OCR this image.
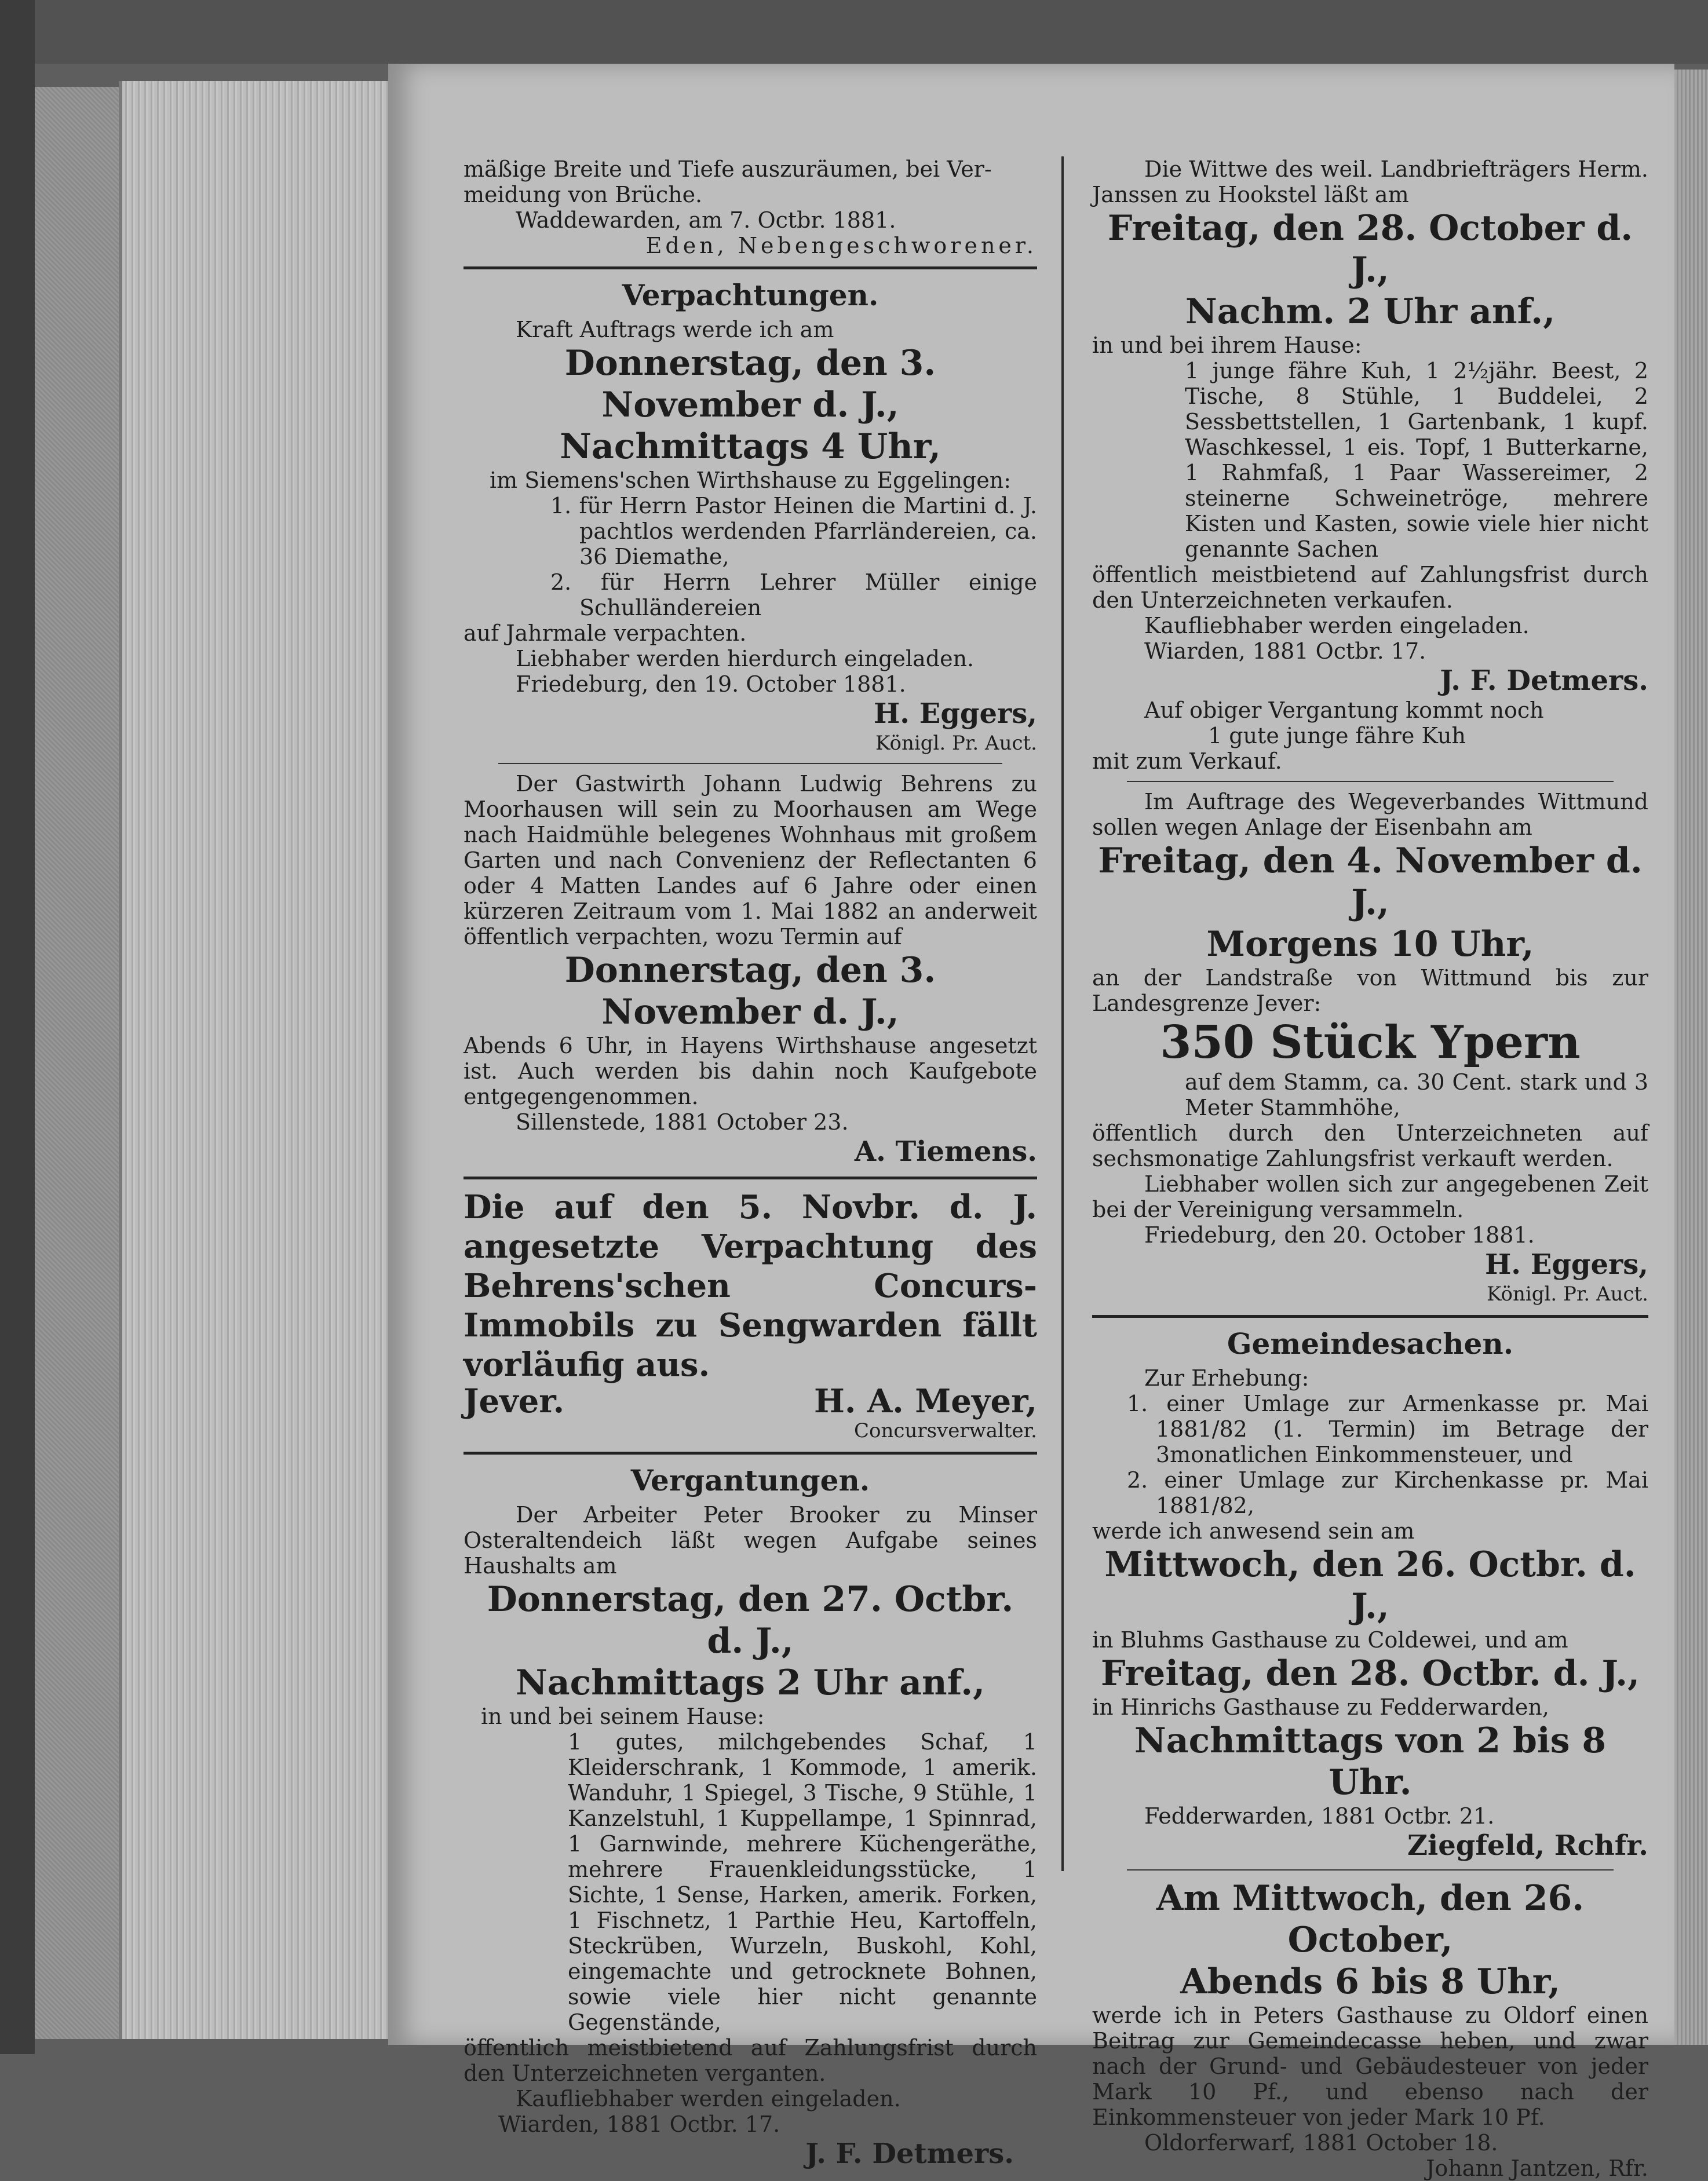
mäßige Breite und Tiefe auszuräumen, bei Ver-

meidung von Brüche.

Waddewarden, am 7. Octbr. 1881.

Eden, Nebengeschworener.

Verpachtungen.

Kraft Auftrags werde ich am

Donnerstag, den 3. November d. J.,
Nachmittags 4 Uhr,

im Siemens'schen Wirthshause zu Eggelingen:

1. für Herrn Pastor Heinen die Martini d. J. pachtlos werdenden Pfarrländereien, ca. 36 Diemathe,

2. für Herrn Lehrer Müller einige Schulländereien

auf Jahrmale verpachten.

Liebhaber werden hierdurch eingeladen.

Friedeburg, den 19. October 1881.

H. Eggers,
Königl. Pr. Auct.

Der Gastwirth Johann Ludwig Behrens zu Moorhausen will sein zu Moorhausen am Wege nach Haidmühle belegenes Wohnhaus mit großem Garten und nach Convenienz der Reflectanten 6 oder 4 Matten Landes auf 6 Jahre oder einen kürzeren Zeitraum vom 1. Mai 1882 an anderweit öffentlich verpachten, wozu Termin auf

Donnerstag, den 3. November d. J.,

Abends 6 Uhr, in Hayens Wirthshause angesetzt ist. Auch werden bis dahin noch Kaufgebote entgegengenommen.

Sillenstede, 1881 October 23.

A. Tiemens.
Die auf den 5. Novbr. d. J. angesetzte Verpachtung des Behrens'schen Concurs-Immobils zu Sengwarden fällt vorläufig aus.
Jever.	H. A. Meyer,
Concursverwalter.
Vergantungen.

Der Arbeiter Peter Brooker zu Minser Osteraltendeich läßt wegen Aufgabe seines Haushalts am

Donnerstag, den 27. Octbr. d. J.,
Nachmittags 2 Uhr anf.,

in und bei seinem Hause:

1 gutes, milchgebendes Schaf, 1 Kleiderschrank, 1 Kommode, 1 amerik. Wanduhr, 1 Spiegel, 3 Tische, 9 Stühle, 1 Kanzelstuhl, 1 Kuppellampe, 1 Spinnrad, 1 Garnwinde, mehrere Küchengeräthe, mehrere Frauenkleidungsstücke, 1 Sichte, 1 Sense, Harken, amerik. Forken, 1 Fischnetz, 1 Parthie Heu, Kartoffeln, Steckrüben, Wurzeln, Buskohl, Kohl, eingemachte und getrocknete Bohnen, sowie viele hier nicht genannte Gegenstände,

öffentlich meistbietend auf Zahlungsfrist durch den Unterzeichneten verganten.

Kaufliebhaber werden eingeladen.

Wiarden, 1881 Octbr. 17.

J. F. Detmers.

Die Wittwe des weil. Landbriefträgers Herm. Janssen zu Hookstel läßt am

Freitag, den 28. October d. J.,
Nachm. 2 Uhr anf.,

in und bei ihrem Hause:

1 junge fähre Kuh, 1 2½jähr. Beest, 2 Tische, 8 Stühle, 1 Buddelei, 2 Sessbettstellen, 1 Gartenbank, 1 kupf. Waschkessel, 1 eis. Topf, 1 Butterkarne, 1 Rahmfaß, 1 Paar Wassereimer, 2 steinerne Schweinetröge, mehrere Kisten und Kasten, sowie viele hier nicht genannte Sachen

öffentlich meistbietend auf Zahlungsfrist durch den Unterzeichneten verkaufen.

Kaufliebhaber werden eingeladen.

Wiarden, 1881 Octbr. 17.

J. F. Detmers.

Auf obiger Vergantung kommt noch

1 gute junge fähre Kuh

mit zum Verkauf.

Im Auftrage des Wegeverbandes Wittmund sollen wegen Anlage der Eisenbahn am

Freitag, den 4. November d. J.,
Morgens 10 Uhr,

an der Landstraße von Wittmund bis zur Landesgrenze Jever:

350 Stück Ypern

auf dem Stamm, ca. 30 Cent. stark und 3 Meter Stammhöhe,

öffentlich durch den Unterzeichneten auf sechsmonatige Zahlungsfrist verkauft werden.

Liebhaber wollen sich zur angegebenen Zeit bei der Vereinigung versammeln.

Friedeburg, den 20. October 1881.

H. Eggers,
Königl. Pr. Auct.
Gemeindesachen.

Zur Erhebung:

1. einer Umlage zur Armenkasse pr. Mai 1881/82 (1. Termin) im Betrage der 3monatlichen Einkommensteuer, und

2. einer Umlage zur Kirchenkasse pr. Mai 1881/82,

werde ich anwesend sein am

Mittwoch, den 26. Octbr. d. J.,

in Bluhms Gasthause zu Coldewei, und am

Freitag, den 28. Octbr. d. J.,

in Hinrichs Gasthause zu Fedderwarden,

Nachmittags von 2 bis 8 Uhr.

Fedderwarden, 1881 Octbr. 21.

Ziegfeld, Rchfr.
Am Mittwoch, den 26. October,
Abends 6 bis 8 Uhr,

werde ich in Peters Gasthause zu Oldorf einen Beitrag zur Gemeindecasse heben, und zwar nach der Grund- und Gebäudesteuer von jeder Mark 10 Pf., und ebenso nach der Einkommensteuer von jeder Mark 10 Pf.

Oldorferwarf, 1881 October 18.

Johann Jantzen, Rfr.
